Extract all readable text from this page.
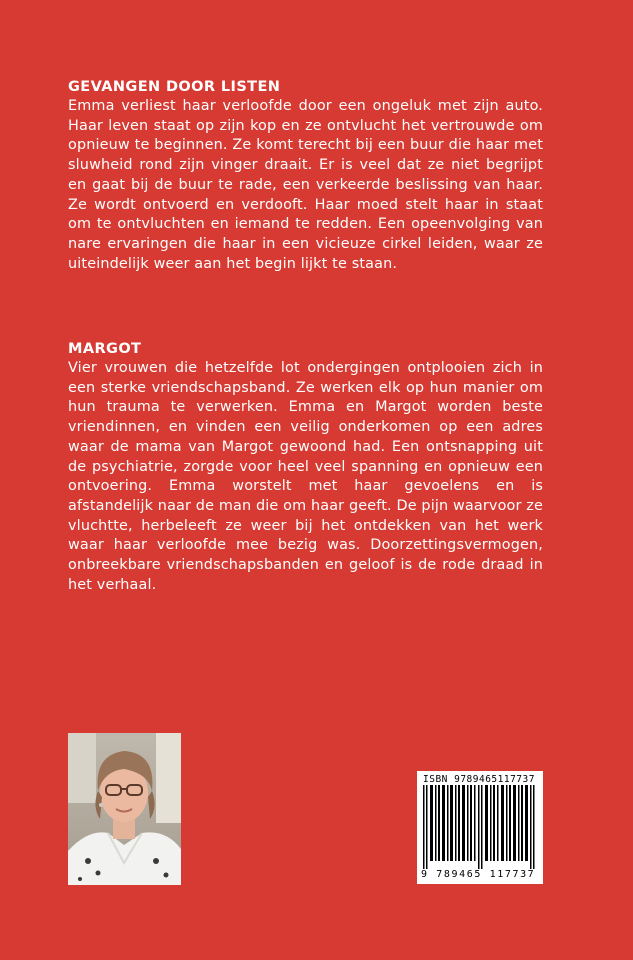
GEVANGEN DOOR LISTEN

Emma verliest haar verloofde door een ongeluk met zijn auto. Haar leven staat op zijn kop en ze ontvlucht het vertrouwde om opnieuw te beginnen. Ze komt terecht bij een buur die haar met sluwheid rond zijn vinger draait. Er is veel dat ze niet begrijpt en gaat bij de buur te rade, een verkeerde beslissing van haar. Ze wordt ontvoerd en verdooft. Haar moed stelt haar in staat om te ontvluchten en iemand te redden. Een opeenvolging van nare ervaringen die haar in een vicieuze cirkel leiden, waar ze uiteindelijk weer aan het begin lijkt te staan.

MARGOT

Vier vrouwen die hetzelfde lot ondergingen ontplooien zich in een sterke vriendschapsband. Ze werken elk op hun manier om hun trauma te verwerken. Emma en Margot worden beste vriendinnen, en vinden een veilig onderkomen op een adres waar de mama van Margot gewoond had. Een ontsnapping uit de psychiatrie, zorgde voor heel veel spanning en opnieuw een ontvoering. Emma worstelt met haar gevoelens en is afstandelijk naar de man die om haar geeft. De pijn waarvoor ze vluchtte, herbeleeft ze weer bij het ontdekken van het werk waar haar verloofde mee bezig was. Doorzettingsvermogen, onbreekbare vriendschapsbanden en geloof is de rode draad in het verhaal.

ISBN 9789465117737
9 789465 117737
